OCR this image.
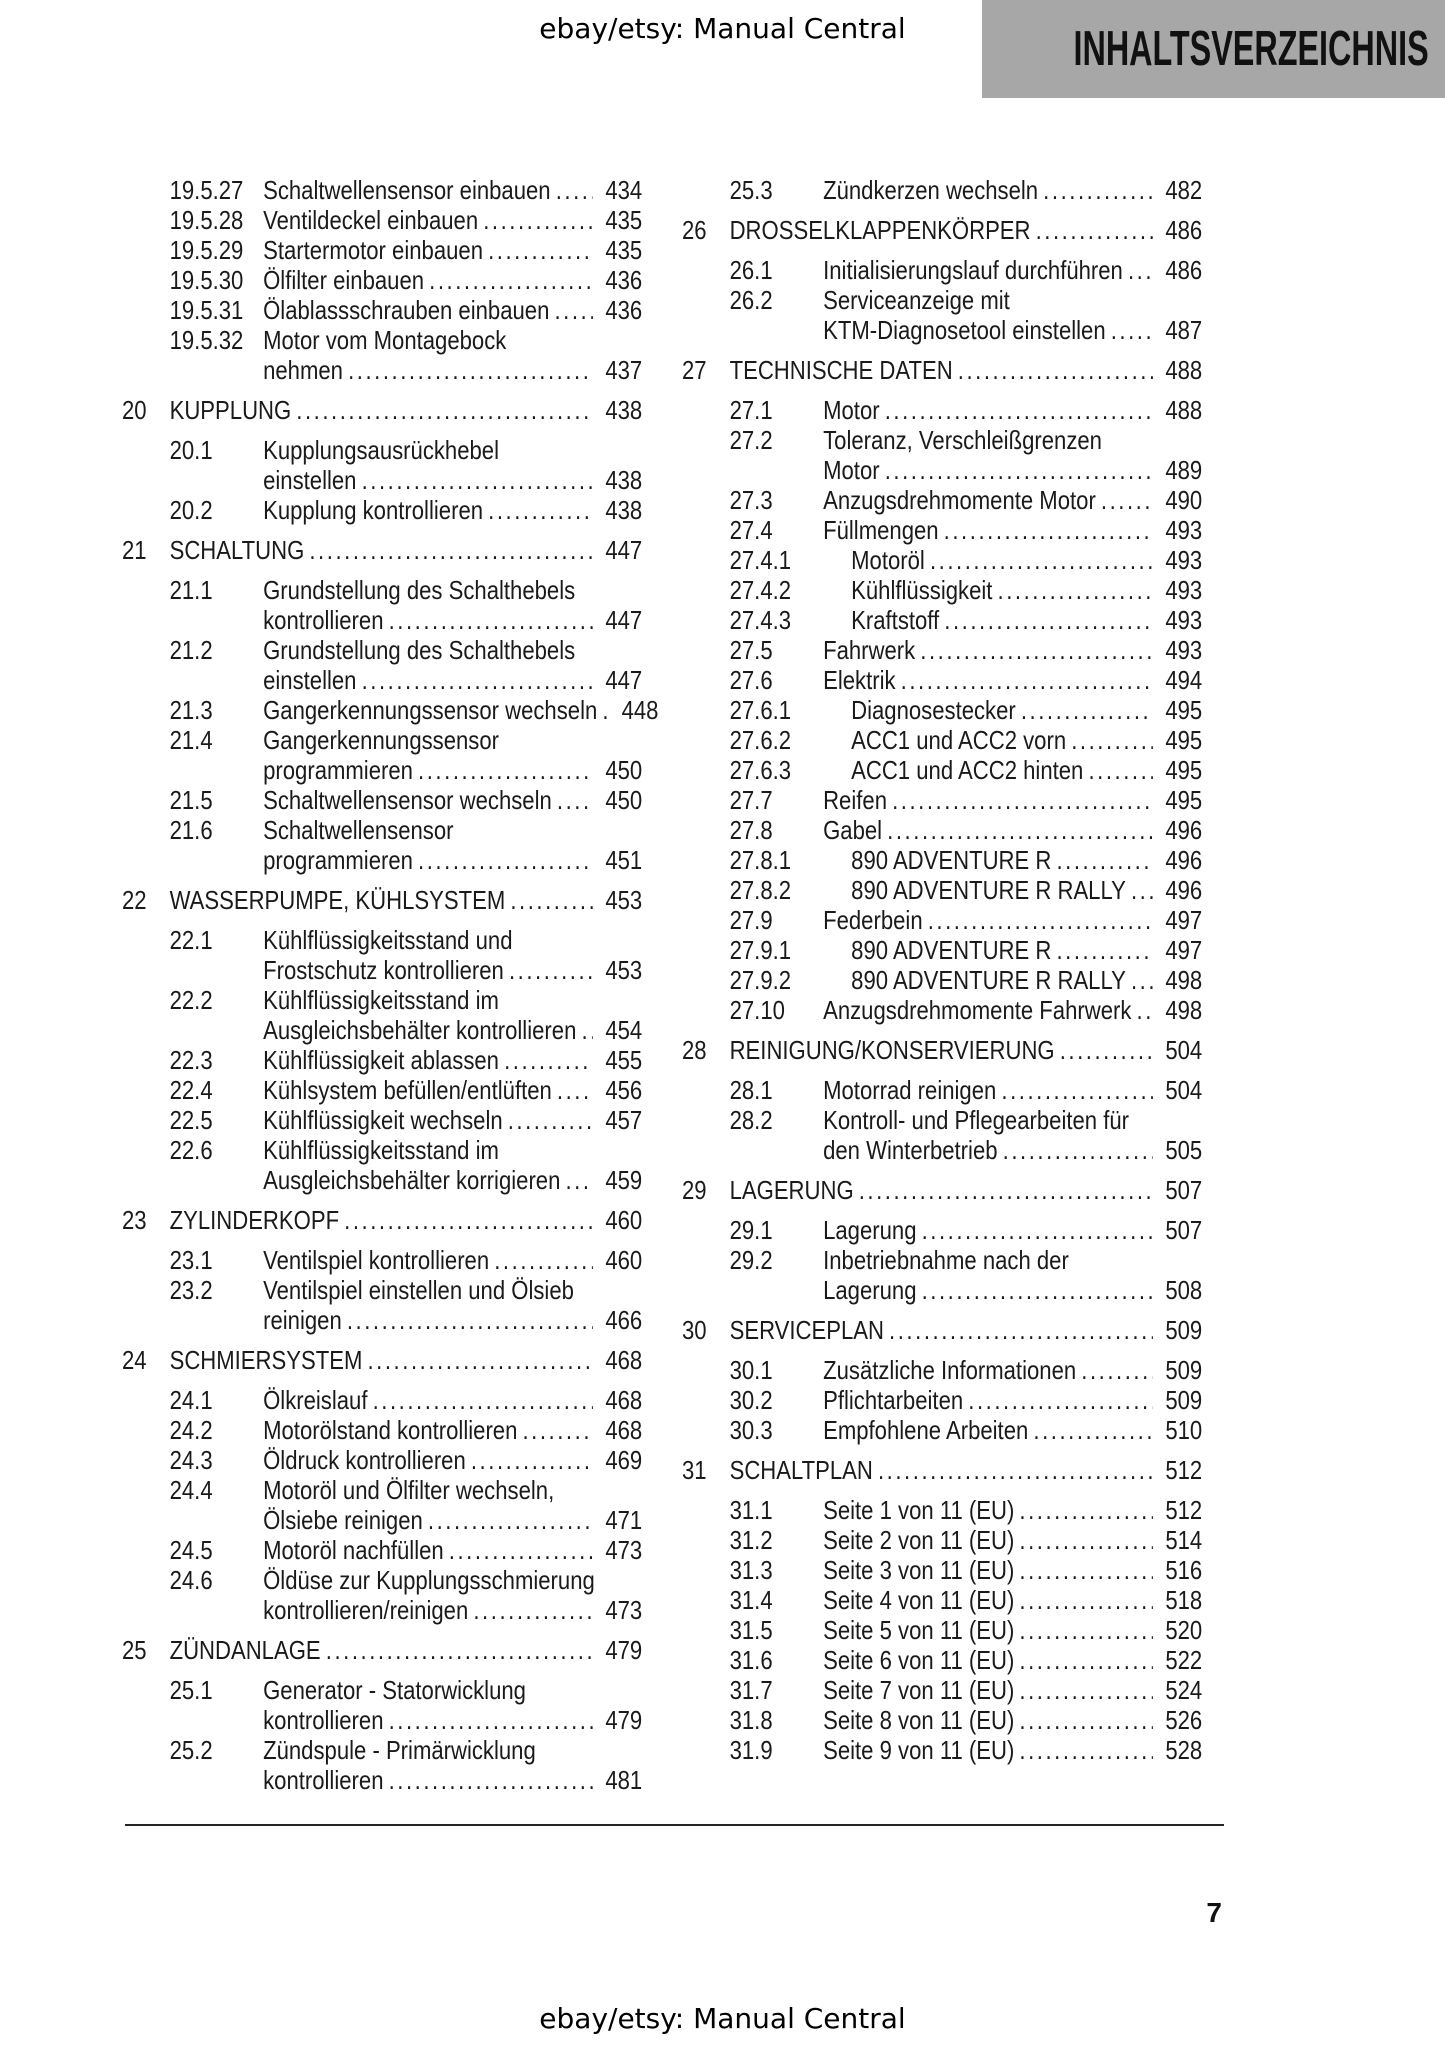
ebay/etsy: Manual Central	INHALTSVERZEICHNIS
19.5.27 Schaltwellensensor einbauen ..... 434
19.5.28 Ventildeckel einbauen .....	435
19.5.29 Startermotor einbauen .....	435
19.5.30 Ölfilter einbauen .....	436
19.5.31 Ölablassschrauben einbauen ..... 436
19.5.32 Motor vom Montagebock
nehmen .....	437
20 KUPPLUNG .....	438
20.1	Kupplungsausrückhebel
einstellen .....	438
20.2	Kupplung kontrollieren .....	438
21 SCHALTUNG .....	447
21.1	Grundstellung des Schalthebels
kontrollieren .....	447
21.2	Grundstellung des Schalthebels
einstellen .....	447
21.3	Gangerkennungssensor wechseln ..... 448
21.4	Gangerkennungssensor
programmieren .....	450
21.5	Schaltwellensensor wechseln ..... 450
21.6	Schaltwellensensor
programmieren .....	451
22 WASSERPUMPE, KÜHLSYSTEM .....	453
22.1	Kühlflüssigkeitsstand und
Frostschutz kontrollieren .....	453
22.2	Kühlflüssigkeitsstand im
Ausgleichsbehälter kontrollieren ..... 454
22.3	Kühlflüssigkeit ablassen .....	455
22.4	Kühlsystem befüllen/entlüften ..... 456
22.5	Kühlflüssigkeit wechseln .....	457
22.6	Kühlflüssigkeitsstand im
Ausgleichsbehälter korrigieren ..... 459
23 ZYLINDERKOPF .....	460
23.1	Ventilspiel kontrollieren .....	460
23.2	Ventilspiel einstellen und Ölsieb
reinigen .....	466
24 SCHMIERSYSTEM .....	468
24.1	Ölkreislauf .....	468
24.2	Motorölstand kontrollieren .....	468
24.3	Öldruck kontrollieren .....	469
24.4	Motoröl und Ölfilter wechseln,
Ölsiebe reinigen .....	471
24.5	Motoröl nachfüllen .....	473
24.6	Öldüse zur Kupplungsschmierung
kontrollieren/reinigen .....	473
25 ZÜNDANLAGE .....	479
25.1	Generator - Statorwicklung
kontrollieren .....	479
25.2	Zündspule - Primärwicklung
kontrollieren .....	481
25.3	Zündkerzen wechseln .....	482
26 DROSSELKLAPPENKÖRPER .....	486
26.1	Initialisierungslauf durchführen ..... 486
26.2	Serviceanzeige mit
KTM-Diagnosetool einstellen ..... 487
27 TECHNISCHE DATEN .....	488
27.1	Motor .....	488
27.2	Toleranz, Verschleißgrenzen
Motor .....	489
27.3	Anzugsdrehmomente Motor .....	490
27.4	Füllmengen .....	493
27.4.1	Motoröl .....	493
27.4.2	Kühlflüssigkeit .....	493
27.4.3	Kraftstoff .....	493
27.5	Fahrwerk .....	493
27.6	Elektrik .....	494
27.6.1	Diagnosestecker .....	495
27.6.2	ACC1 und ACC2 vorn .....	495
27.6.3	ACC1 und ACC2 hinten .....	495
27.7	Reifen .....	495
27.8	Gabel .....	496
27.8.1	890 ADVENTURE R .....	496
27.8.2	890 ADVENTURE R RALLY ..... 496
27.9	Federbein .....	497
27.9.1	890 ADVENTURE R .....	497
27.9.2	890 ADVENTURE R RALLY ..... 498
27.10	Anzugsdrehmomente Fahrwerk ..... 498
28 REINIGUNG/KONSERVIERUNG .....	504
28.1	Motorrad reinigen .....	504
28.2	Kontroll- und Pflegearbeiten für
den Winterbetrieb .....	505
29 LAGERUNG .....	507
29.1	Lagerung .....	507
29.2	Inbetriebnahme nach der
Lagerung .....	508
30 SERVICEPLAN .....	509
30.1	Zusätzliche Informationen .....	509
30.2	Pflichtarbeiten .....	509
30.3	Empfohlene Arbeiten .....	510
31 SCHALTPLAN .....	512
31.1	Seite 1 von 11 (EU) .....	512
31.2	Seite 2 von 11 (EU) .....	514
31.3	Seite 3 von 11 (EU) .....	516
31.4	Seite 4 von 11 (EU) .....	518
31.5	Seite 5 von 11 (EU) .....	520
31.6	Seite 6 von 11 (EU) .....	522
31.7	Seite 7 von 11 (EU) .....	524
31.8	Seite 8 von 11 (EU) .....	526
31.9	Seite 9 von 11 (EU) .....	528
7
ebay/etsy: Manual Central
